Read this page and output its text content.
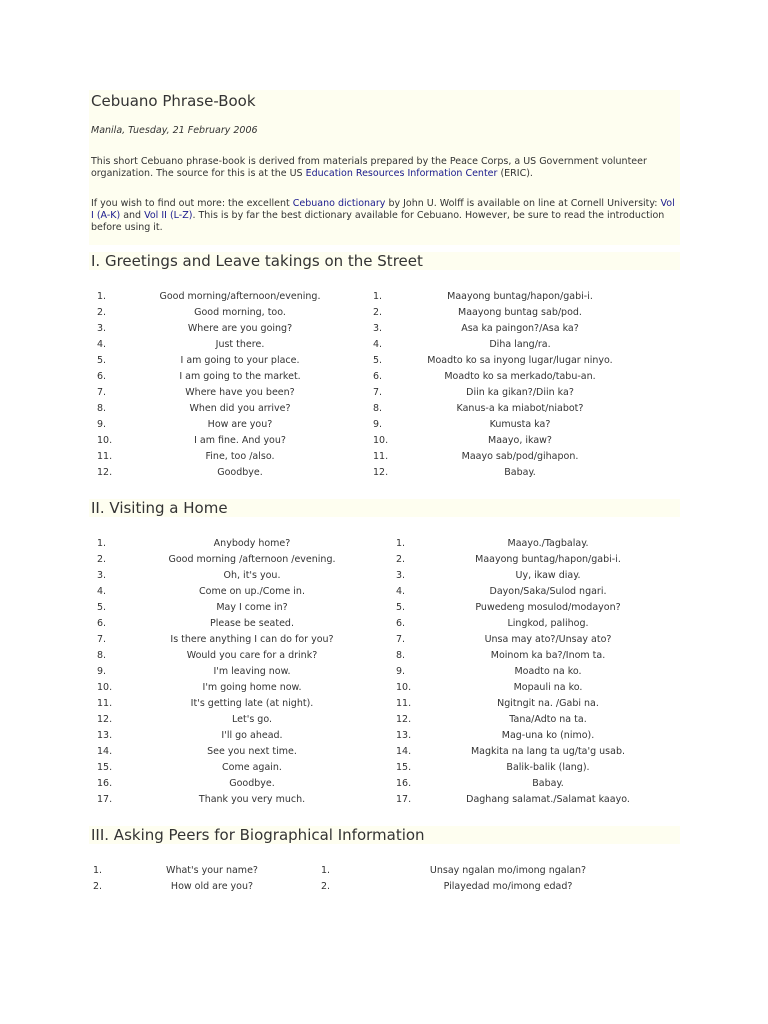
Cebuano Phrase-Book
Manila, Tuesday, 21 February 2006

This short Cebuano phrase-book is derived from materials prepared by the Peace Corps, a US Government volunteer organization. The source for this is at the US Education Resources Information Center (ERIC).

If you wish to find out more: the excellent Cebuano dictionary by John U. Wolff is available on line at Cornell University: Vol I (A-K) and Vol II (L-Z). This is by far the best dictionary available for Cebuano. However, be sure to read the introduction before using it.

I. Greetings and Leave takings on the Street
1.	Good morning/afternoon/evening.	1.	Maayong buntag/hapon/gabi-i.
2.	Good morning, too.	2.	Maayong buntag sab/pod.
3.	Where are you going?	3.	Asa ka paingon?/Asa ka?
4.	Just there.	4.	Diha lang/ra.
5.	I am going to your place.	5.	Moadto ko sa inyong lugar/lugar ninyo.
6.	I am going to the market.	6.	Moadto ko sa merkado/tabu-an.
7.	Where have you been?	7.	Diin ka gikan?/Diin ka?
8.	When did you arrive?	8.	Kanus-a ka miabot/niabot?
9.	How are you?	9.	Kumusta ka?
10.	I am fine. And you?	10.	Maayo, ikaw?
11.	Fine, too /also.	11.	Maayo sab/pod/gihapon.
12.	Goodbye.	12.	Babay.
II. Visiting a Home
1.	Anybody home?	1.	Maayo./Tagbalay.
2.	Good morning /afternoon /evening.	2.	Maayong buntag/hapon/gabi-i.
3.	Oh, it's you.	3.	Uy, ikaw diay.
4.	Come on up./Come in.	4.	Dayon/Saka/Sulod ngari.
5.	May I come in?	5.	Puwedeng mosulod/modayon?
6.	Please be seated.	6.	Lingkod, palihog.
7.	Is there anything I can do for you?	7.	Unsa may ato?/Unsay ato?
8.	Would you care for a drink?	8.	Moinom ka ba?/Inom ta.
9.	I'm leaving now.	9.	Moadto na ko.
10.	I'm going home now.	10.	Mopauli na ko.
11.	It's getting late (at night).	11.	Ngitngit na. /Gabi na.
12.	Let's go.	12.	Tana/Adto na ta.
13.	I'll go ahead.	13.	Mag-una ko (nimo).
14.	See you next time.	14.	Magkita na lang ta ug/ta'g usab.
15.	Come again.	15.	Balik-balik (lang).
16.	Goodbye.	16.	Babay.
17.	Thank you very much.	17.	Daghang salamat./Salamat kaayo.
III. Asking Peers for Biographical Information
1.	What's your name?	1.	Unsay ngalan mo/imong ngalan?
2.	How old are you?	2.	Pilayedad mo/imong edad?
